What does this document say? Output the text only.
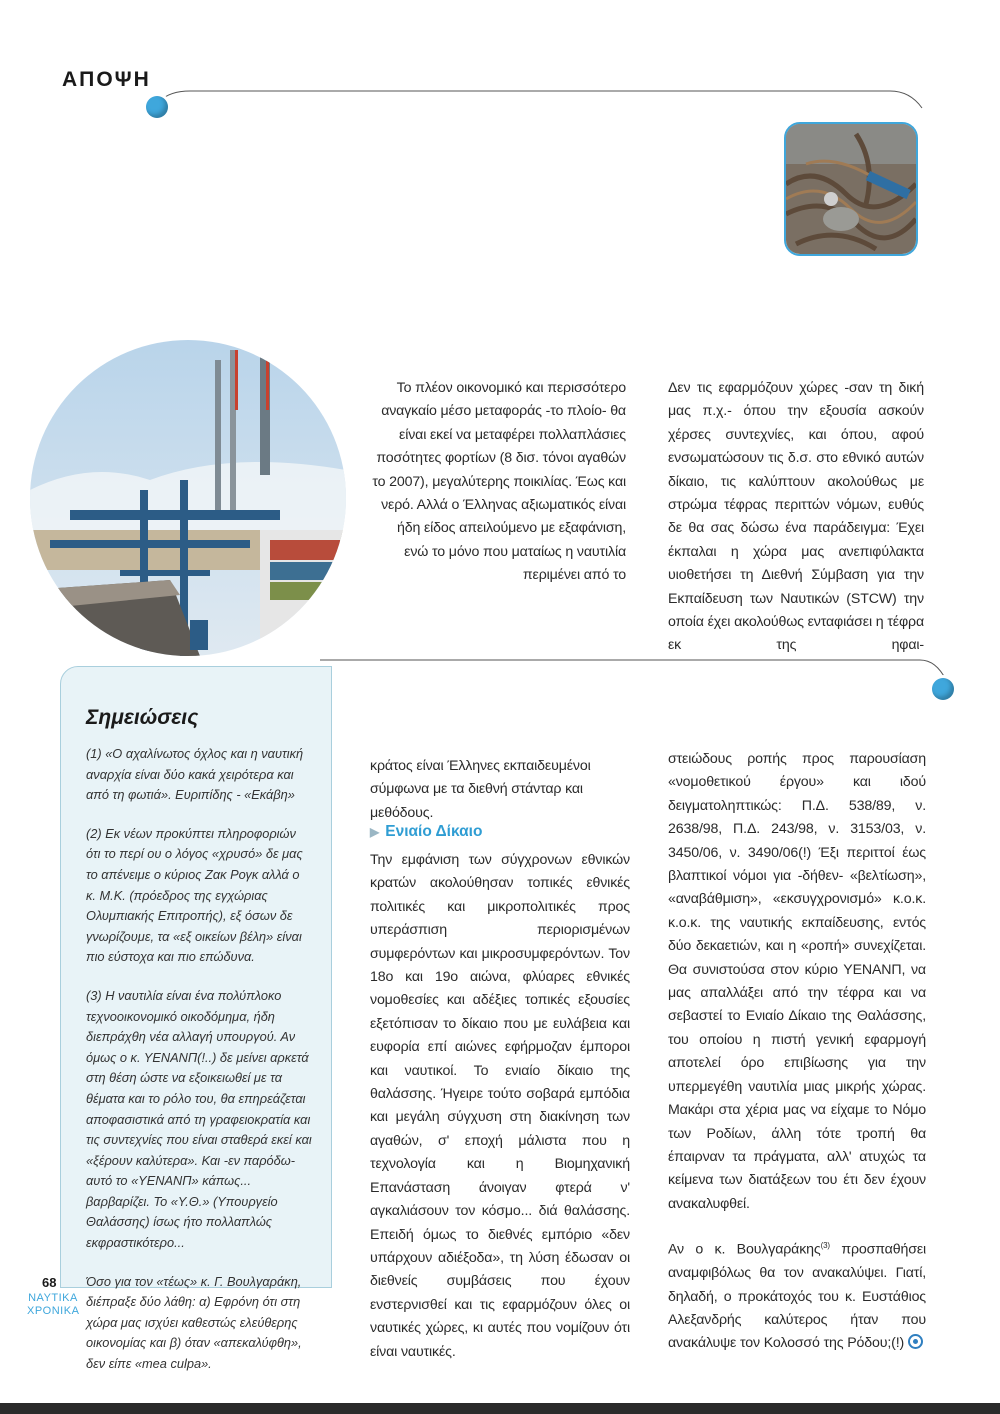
ΑΠΟΨΗ
Το πλέον οικονομικό και περισσότερο αναγκαίο μέσο μεταφοράς -το πλοίο- θα είναι εκεί να μεταφέρει πολλαπλάσιες ποσότητες φορτίων (8 δισ. τόνοι αγαθών το 2007), μεγαλύτερης ποικιλίας. Έως και νερό. Αλλά ο Έλληνας αξιωματικός είναι ήδη είδος απειλούμενο με εξαφάνιση, ενώ το μόνο που ματαίως η ναυτιλία περιμένει από το
Δεν τις εφαρμόζουν χώρες -σαν τη δική μας π.χ.- όπου την εξουσία ασκούν χέρσες συντεχνίες, και όπου, αφού ενσωματώσουν τις δ.σ. στο εθνικό αυτών δίκαιο, τις καλύπτουν ακολούθως με στρώμα τέφρας περιττών νόμων, ευθύς δε θα σας δώσω ένα παράδειγμα: Έχει έκπαλαι η χώρα μας ανεπιφύλακτα υιοθετήσει τη Διεθνή Σύμβαση για την Εκπαίδευση των Ναυτικών (STCW) την οποία έχει ακολούθως ενταφιάσει η τέφρα εκ της ηφαι-
Σημειώσεις

(1) «Ο αχαλίνωτος όχλος και η ναυτική αναρχία είναι δύο κακά χειρότερα και από τη φωτιά». Ευριπίδης - «Εκάβη»

(2) Εκ νέων προκύπτει πληροφοριών ότι το περί ου ο λόγος «χρυσό» δε μας το απένειμε ο κύριος Ζακ Ρογκ αλλά ο κ. Μ.Κ. (πρόεδρος της εγχώριας Ολυμπιακής Επιτροπής), εξ όσων δε γνωρίζουμε, τα «εξ οικείων βέλη» είναι πιο εύστοχα και πιο επώδυνα.

(3) Η ναυτιλία είναι ένα πολύπλοκο τεχνοοικονομικό οικοδόμημα, ήδη διεπράχθη νέα αλλαγή υπουργού. Αν όμως ο κ. ΥΕΝΑΝΠ(!..) δε μείνει αρκετά στη θέση ώστε να εξοικειωθεί με τα θέματα και το ρόλο του, θα επηρεάζεται αποφασιστικά από τη γραφειοκρατία και τις συντεχνίες που είναι σταθερά εκεί και «ξέρουν καλύτερα». Και -εν παρόδω- αυτό το «ΥΕΝΑΝΠ» κάπως... βαρβαρίζει. Το «Υ.Θ.» (Υπουργείο Θαλάσσης) ίσως ήτο πολλαπλώς εκφραστικότερο...

Όσο για τον «τέως» κ. Γ. Βουλγαράκη, διέπραξε δύο λάθη: α) Εφρόνη ότι στη χώρα μας ισχύει καθεστώς ελεύθερης οικονομίας και β) όταν «απεκαλύφθη», δεν είπε «mea culpa».

κράτος είναι Έλληνες εκπαιδευμένοι σύμφωνα με τα διεθνή στάνταρ και μεθόδους.
▶ Ενιαίο Δίκαιο
Την εμφάνιση των σύγχρονων εθνικών κρατών ακολούθησαν τοπικές εθνικές πολιτικές και μικροπολιτικές προς υπεράσπιση περιορισμένων συμφερόντων και μικροσυμφερόντων. Τον 18ο και 19ο αιώνα, φλύαρες εθνικές νομοθεσίες και αδέξιες τοπικές εξουσίες εξετόπισαν το δίκαιο που με ευλάβεια και ευφορία επί αιώνες εφήρμοζαν έμποροι και ναυτικοί. Το ενιαίο δίκαιο της θαλάσσης. Ήγειρε τούτο σοβαρά εμπόδια και μεγάλη σύγχυση στη διακίνηση των αγαθών, σ' εποχή μάλιστα που η τεχνολογία και η Βιομηχανική Επανάσταση άνοιγαν φτερά ν' αγκαλιάσουν τον κόσμο... διά θαλάσσης. Επειδή όμως το διεθνές εμπόριο «δεν υπάρχουν αδιέξοδα», τη λύση έδωσαν οι διεθνείς συμβάσεις που έχουν ενστερνισθεί και τις εφαρμόζουν όλες οι ναυτικές χώρες, κι αυτές που νομίζουν ότι είναι ναυτικές.

στειώδους ροπής προς παρουσίαση «νομοθετικού έργου» και ιδού δειγματοληπτικώς: Π.Δ. 538/89, ν. 2638/98, Π.Δ. 243/98, ν. 3153/03, ν. 3450/06, ν. 3490/06(!) Έξι περιττοί έως βλαπτικοί νόμοι για -δήθεν- «βελτίωση», «αναβάθμιση», «εκσυγχρονισμό» κ.ο.κ. κ.ο.κ. της ναυτικής εκπαίδευσης, εντός δύο δεκαετιών, και η «ροπή» συνεχίζεται. Θα συνιστούσα στον κύριο ΥΕΝΑΝΠ, να μας απαλλάξει από την τέφρα και να σεβαστεί το Ενιαίο Δίκαιο της Θαλάσσης, του οποίου η πιστή γενική εφαρμογή αποτελεί όρο επιβίωσης για την υπερμεγέθη ναυτιλία μιας μικρής χώρας. Μακάρι στα χέρια μας να είχαμε το Νόμο των Ροδίων, άλλη τότε τροπή θα έπαιρναν τα πράγματα, αλλ' ατυχώς τα κείμενα των διατάξεων του έτι δεν έχουν ανακαλυφθεί.

Αν ο κ. Βουλγαράκης$^{(3)}$ προσπαθήσει αναμφιβόλως θα τον ανακαλύψει. Γιατί, δηλαδή, ο προκάτοχός του κ. Ευστάθιος Αλεξανδρής καλύτερος ήταν που ανακάλυψε τον Κολοσσό της Ρόδου;(!)

68
ΝΑΥΤΙΚΑ
ΧΡΟΝΙΚΑ
